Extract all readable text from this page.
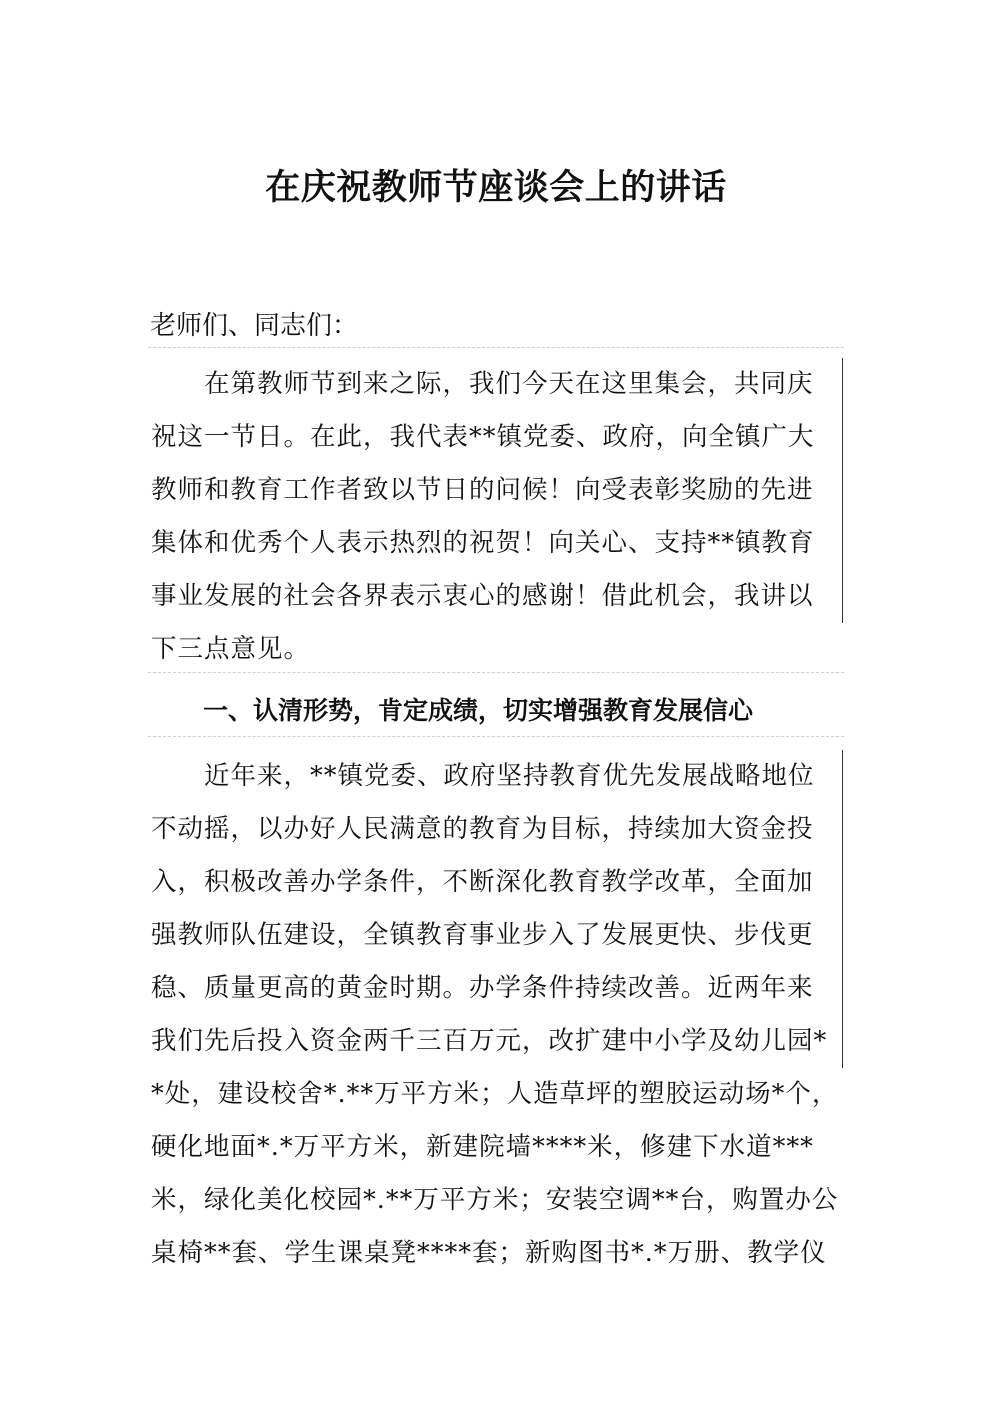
在庆祝教师节座谈会上的讲话

老师们、同志们：

　　在第教师节到来之际，我们今天在这里集会，共同庆
祝这一节日。在此，我代表**镇党委、政府，向全镇广大
教师和教育工作者致以节日的问候！向受表彰奖励的先进
集体和优秀个人表示热烈的祝贺！向关心、支持**镇教育
事业发展的社会各界表示衷心的感谢！借此机会，我讲以
下三点意见。
一、认清形势，肯定成绩，切实增强教育发展信心
　　近年来，**镇党委、政府坚持教育优先发展战略地位
不动摇，以办好人民满意的教育为目标，持续加大资金投
入，积极改善办学条件，不断深化教育教学改革，全面加
强教师队伍建设，全镇教育事业步入了发展更快、步伐更
稳、质量更高的黄金时期。办学条件持续改善。近两年来
我们先后投入资金两千三百万元，改扩建中小学及幼儿园*
*处，建设校舍*.**万平方米；人造草坪的塑胶运动场*个，
硬化地面*.*万平方米，新建院墙****米，修建下水道***
米，绿化美化校园*.**万平方米；安装空调**台，购置办公
桌椅**套、学生课桌凳****套；新购图书*.*万册、教学仪
